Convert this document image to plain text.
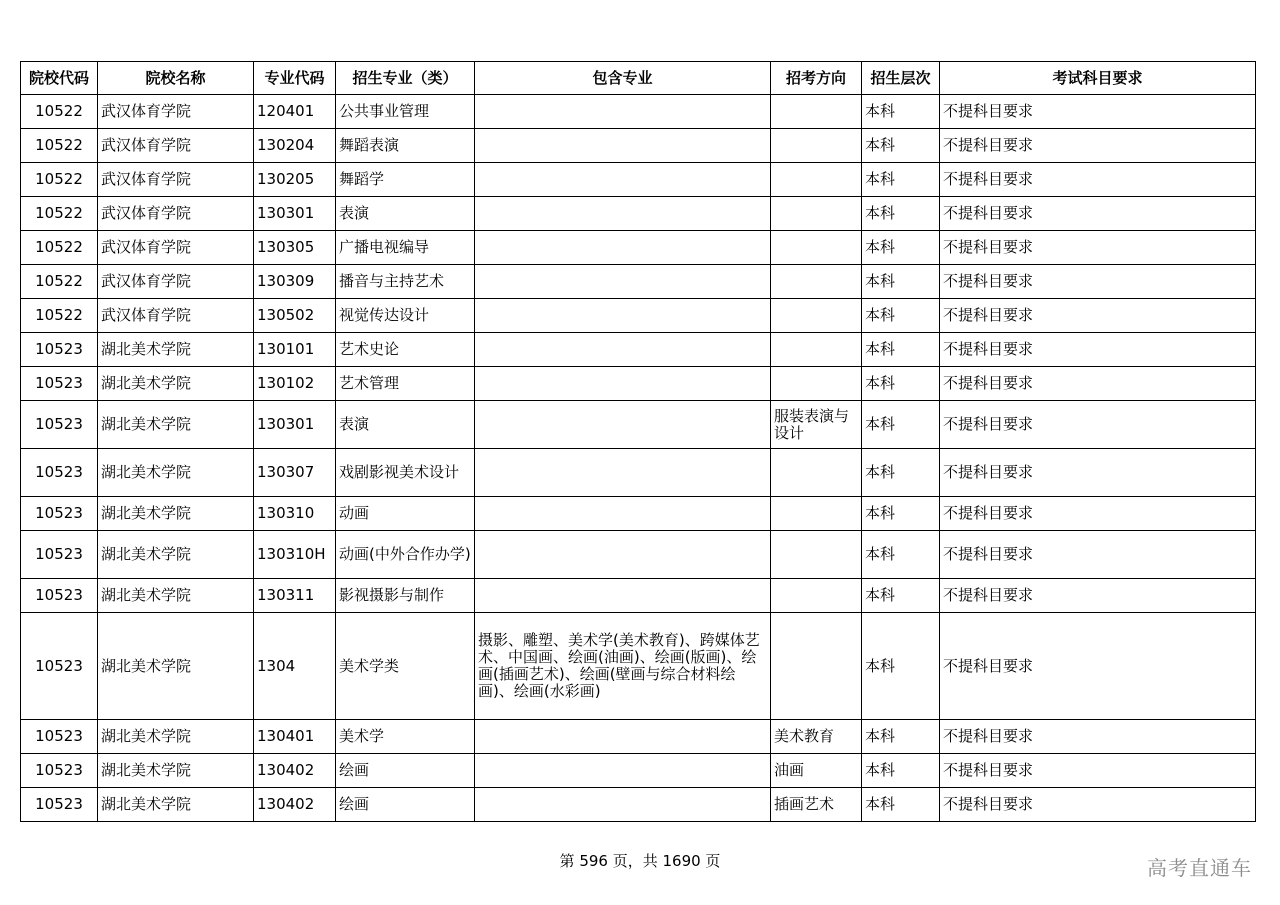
院校代码	院校名称	专业代码	招生专业（类）	包含专业	招考方向	招生层次	考试科目要求
10522	武汉体育学院	120401	公共事业管理			本科	不提科目要求
10522	武汉体育学院	130204	舞蹈表演			本科	不提科目要求
10522	武汉体育学院	130205	舞蹈学			本科	不提科目要求
10522	武汉体育学院	130301	表演			本科	不提科目要求
10522	武汉体育学院	130305	广播电视编导			本科	不提科目要求
10522	武汉体育学院	130309	播音与主持艺术			本科	不提科目要求
10522	武汉体育学院	130502	视觉传达设计			本科	不提科目要求
10523	湖北美术学院	130101	艺术史论			本科	不提科目要求
10523	湖北美术学院	130102	艺术管理			本科	不提科目要求
10523	湖北美术学院	130301	表演		服装表演与设计	本科	不提科目要求
10523	湖北美术学院	130307	戏剧影视美术设计			本科	不提科目要求
10523	湖北美术学院	130310	动画			本科	不提科目要求
10523	湖北美术学院	130310H	动画(中外合作办学)			本科	不提科目要求
10523	湖北美术学院	130311	影视摄影与制作			本科	不提科目要求
10523	湖北美术学院	1304	美术学类	摄影、雕塑、美术学(美术教育)、跨媒体艺术、中国画、绘画(油画)、绘画(版画)、绘画(插画艺术)、绘画(壁画与综合材料绘画)、绘画(水彩画)		本科	不提科目要求
10523	湖北美术学院	130401	美术学		美术教育	本科	不提科目要求
10523	湖北美术学院	130402	绘画		油画	本科	不提科目要求
10523	湖北美术学院	130402	绘画		插画艺术	本科	不提科目要求
第 596 页，共 1690 页	高考直通车
